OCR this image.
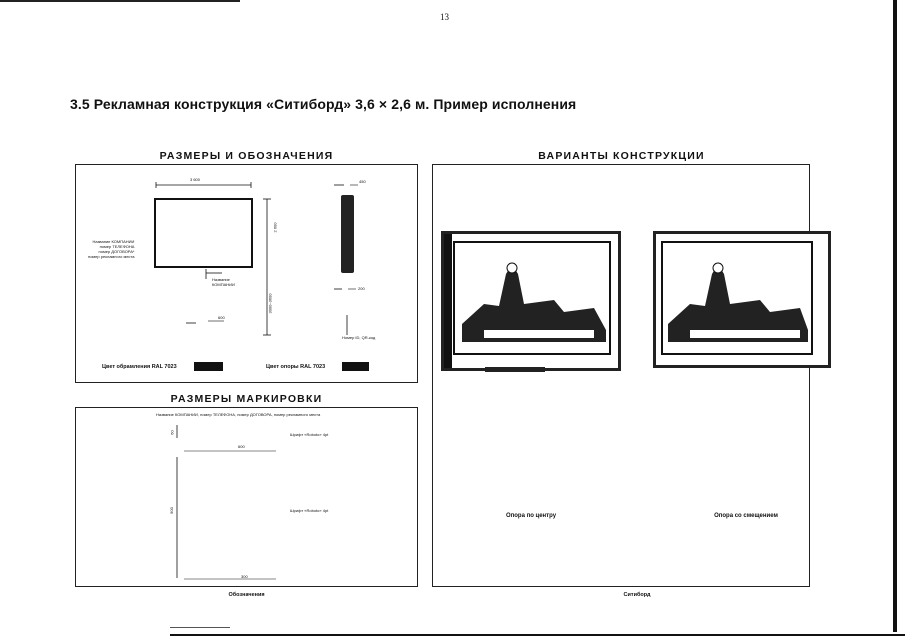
13
3.5 Рекламная конструкция «Ситиборд» 3,6 × 2,6 м. Пример исполнения
РАЗМЕРЫ И ОБОЗНАЧЕНИЯ	ВАРИАНТЫ КОНСТРУКЦИИ
РАЗМЕРЫ МАРКИРОВКИ
3 600
2 600
3000–3600
600
450
200
Название КОМПАНИИ
номер ТЕЛЕФОНА
номер ДОГОВОРА*
номер рекламного места
Название
КОМПАНИИ
Номер ID, QR-код
Цвет обрамления RAL 7023	Цвет опоры RAL 7023
Название КОМПАНИИ, номер ТЕЛЕФОНА, номер ДОГОВОРА, номер рекламного места
60
600
900
300
Шрифт «Roboto» 4pt
Шрифт «Roboto» 4pt
Обозначения
Опора по центру	Опора со смещением
Ситиборд
